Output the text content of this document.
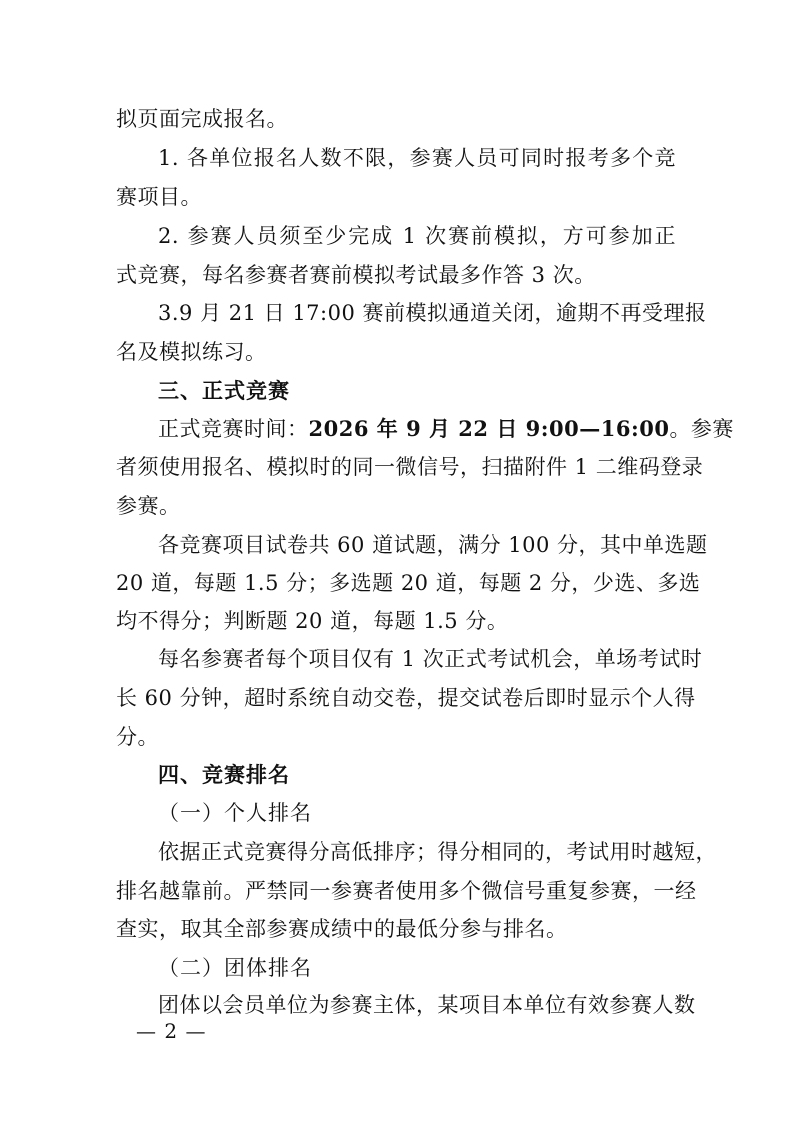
拟页面完成报名。
1. 各单位报名人数不限，参赛人员可同时报考多个竞
赛项目。
2. 参赛人员须至少完成 1 次赛前模拟，方可参加正
式竞赛，每名参赛者赛前模拟考试最多作答 3 次。
3.9 月 21 日 17:00 赛前模拟通道关闭，逾期不再受理报
名及模拟练习。
三、正式竞赛
正式竞赛时间：2026 年 9 月 22 日 9:00—16:00。参赛
者须使用报名、模拟时的同一微信号，扫描附件 1 二维码登录
参赛。
各竞赛项目试卷共 60 道试题，满分 100 分，其中单选题
20 道，每题 1.5 分；多选题 20 道，每题 2 分，少选、多选
均不得分；判断题 20 道，每题 1.5 分。
每名参赛者每个项目仅有 1 次正式考试机会，单场考试时
长 60 分钟，超时系统自动交卷，提交试卷后即时显示个人得
分。
四、竞赛排名
（一）个人排名
依据正式竞赛得分高低排序；得分相同的，考试用时越短，
排名越靠前。严禁同一参赛者使用多个微信号重复参赛，一经
查实，取其全部参赛成绩中的最低分参与排名。
（二）团体排名
团体以会员单位为参赛主体，某项目本单位有效参赛人数
— 2 —
